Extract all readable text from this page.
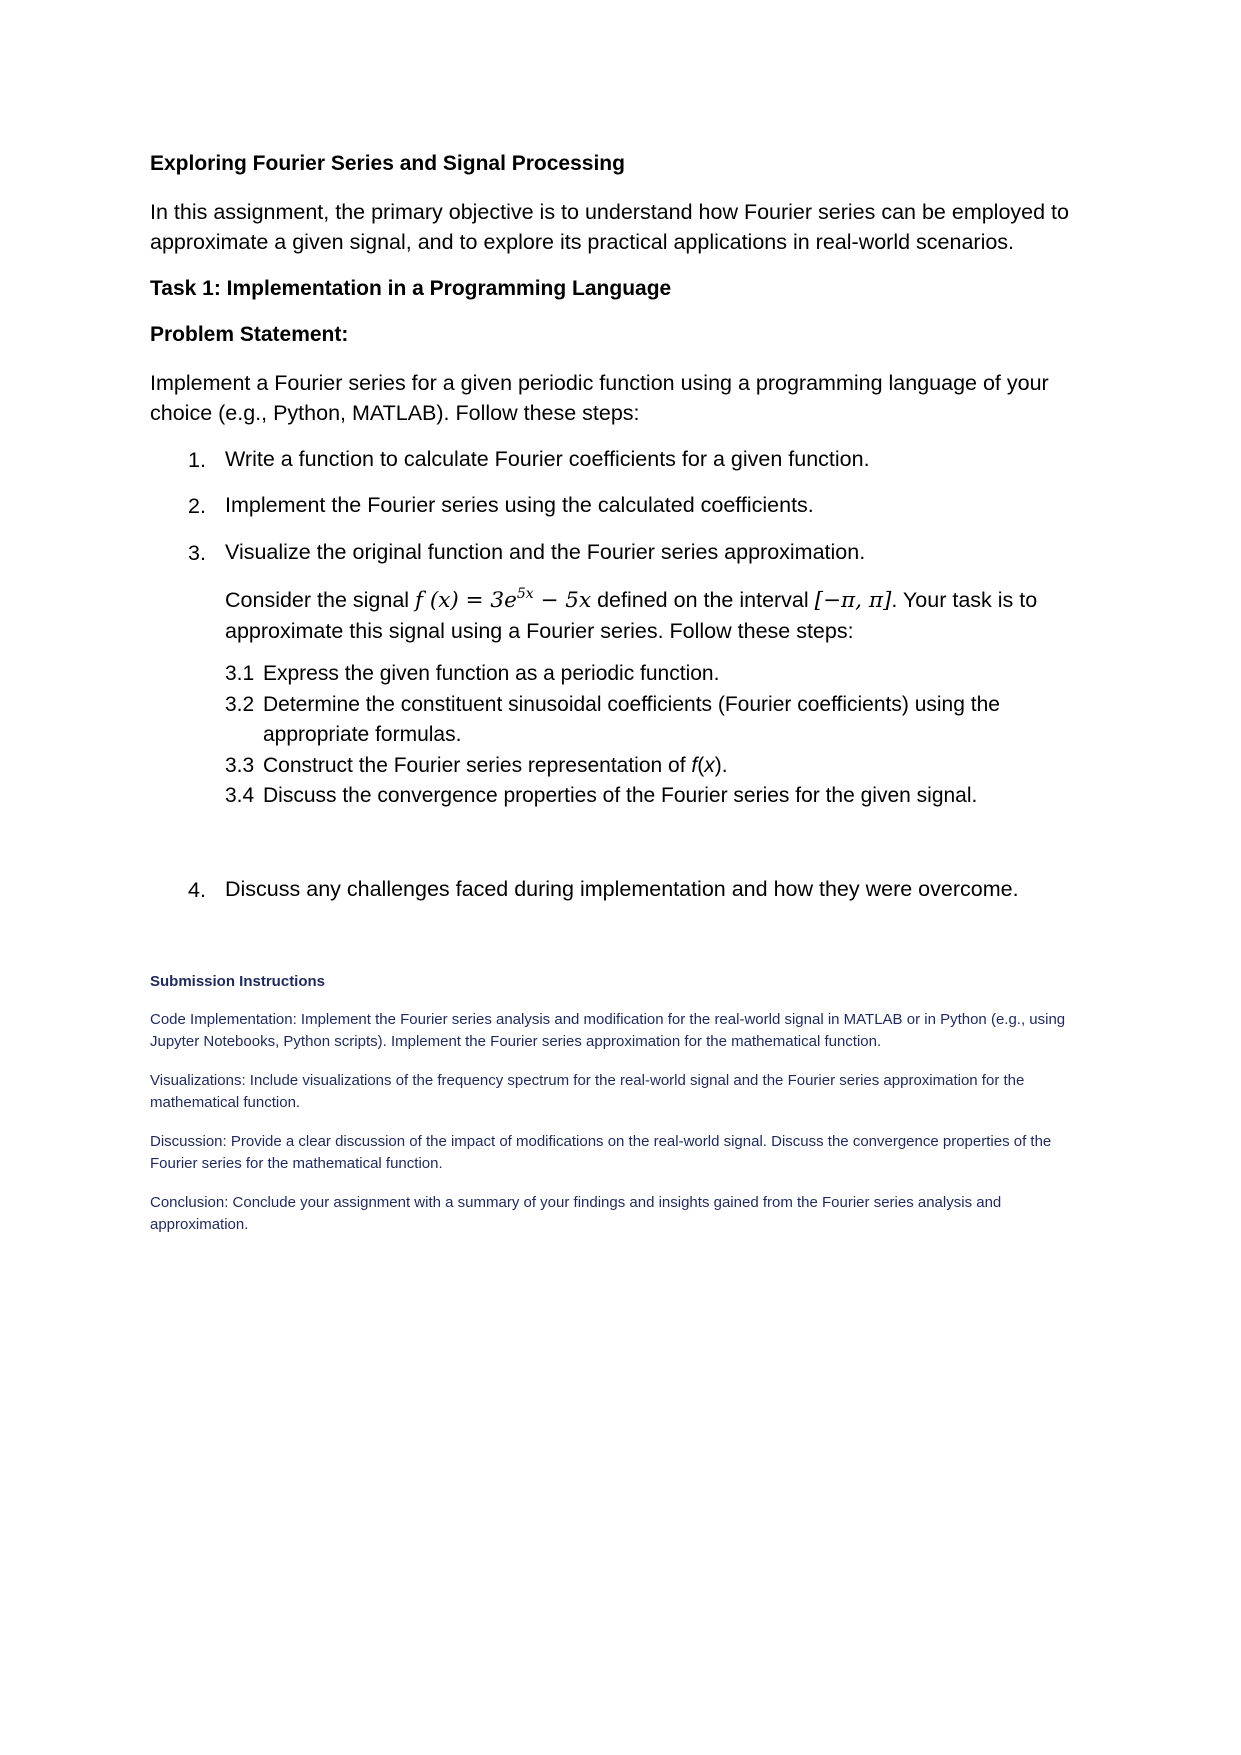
Exploring Fourier Series and Signal Processing

In this assignment, the primary objective is to understand how Fourier series can be employed to approximate a given signal, and to explore its practical applications in real-world scenarios.

Task 1: Implementation in a Programming Language
Problem Statement:

Implement a Fourier series for a given periodic function using a programming language of your choice (e.g., Python, MATLAB). Follow these steps:

1. Write a function to calculate Fourier coefficients for a given function.
2. Implement the Fourier series using the calculated coefficients.
3. Visualize the original function and the Fourier series approximation.
Consider the signal f $(x) = 3e^{5x} - 5x$ defined on the interval [−π, π]. Your task is to
approximate this signal using a Fourier series. Follow these steps:
3.1 Express the given function as a periodic function.
3.2 Determine the constituent sinusoidal coefficients (Fourier coefficients) using the
appropriate formulas.
3.3 Construct the Fourier series representation of f(x).
3.4 Discuss the convergence properties of the Fourier series for the given signal.
4. Discuss any challenges faced during implementation and how they were overcome.
Submission Instructions

Code Implementation: Implement the Fourier series analysis and modification for the real-world signal in MATLAB or in Python (e.g., using Jupyter Notebooks, Python scripts). Implement the Fourier series approximation for the mathematical function.

Visualizations: Include visualizations of the frequency spectrum for the real-world signal and the Fourier series approximation for the mathematical function.

Discussion: Provide a clear discussion of the impact of modifications on the real-world signal. Discuss the convergence properties of the Fourier series for the mathematical function.

Conclusion: Conclude your assignment with a summary of your findings and insights gained from the Fourier series analysis and approximation.
